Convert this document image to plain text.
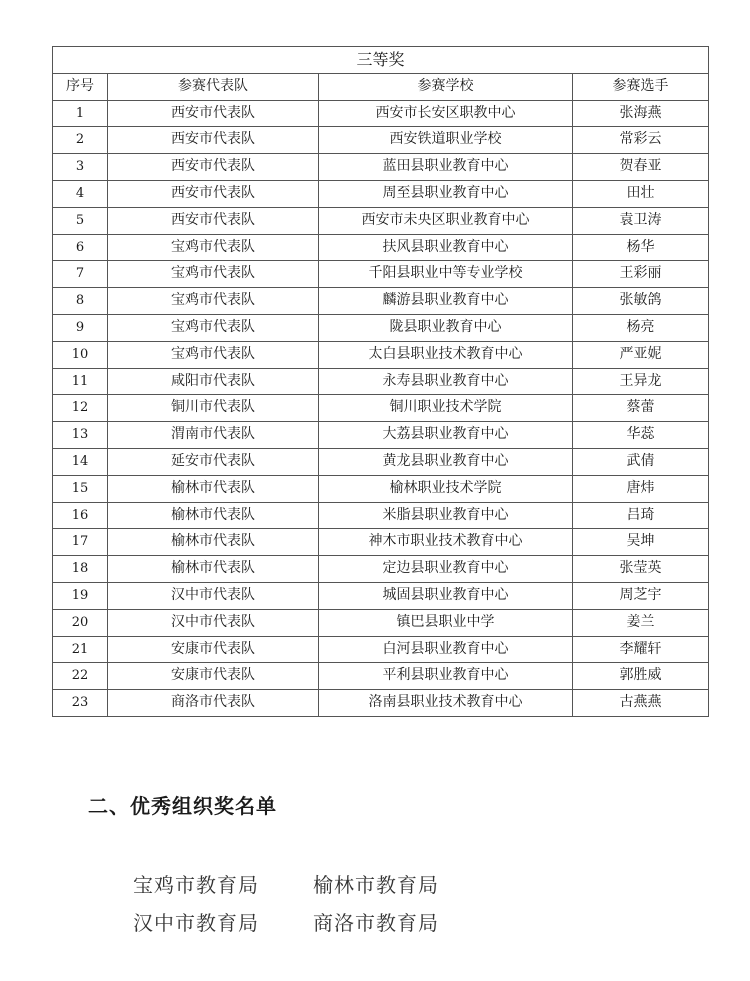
三等奖			
序号	参赛代表队	参赛学校	参赛选手
1	西安市代表队	西安市长安区职教中心	张海燕
2	西安市代表队	西安铁道职业学校	常彩云
3	西安市代表队	蓝田县职业教育中心	贺春亚
4	西安市代表队	周至县职业教育中心	田壮
5	西安市代表队	西安市未央区职业教育中心	袁卫涛
6	宝鸡市代表队	扶风县职业教育中心	杨华
7	宝鸡市代表队	千阳县职业中等专业学校	王彩丽
8	宝鸡市代表队	麟游县职业教育中心	张敏鸽
9	宝鸡市代表队	陇县职业教育中心	杨亮
10	宝鸡市代表队	太白县职业技术教育中心	严亚妮
11	咸阳市代表队	永寿县职业教育中心	王异龙
12	铜川市代表队	铜川职业技术学院	蔡蕾
13	渭南市代表队	大荔县职业教育中心	华蕊
14	延安市代表队	黄龙县职业教育中心	武倩
15	榆林市代表队	榆林职业技术学院	唐炜
16	榆林市代表队	米脂县职业教育中心	吕琦
17	榆林市代表队	神木市职业技术教育中心	吴坤
18	榆林市代表队	定边县职业教育中心	张莹英
19	汉中市代表队	城固县职业教育中心	周芝宇
20	汉中市代表队	镇巴县职业中学	姜兰
21	安康市代表队	白河县职业教育中心	李耀轩
22	安康市代表队	平利县职业教育中心	郭胜威
23	商洛市代表队	洛南县职业技术教育中心	古燕燕
二、优秀组织奖名单
宝鸡市教育局	榆林市教育局
汉中市教育局	商洛市教育局
